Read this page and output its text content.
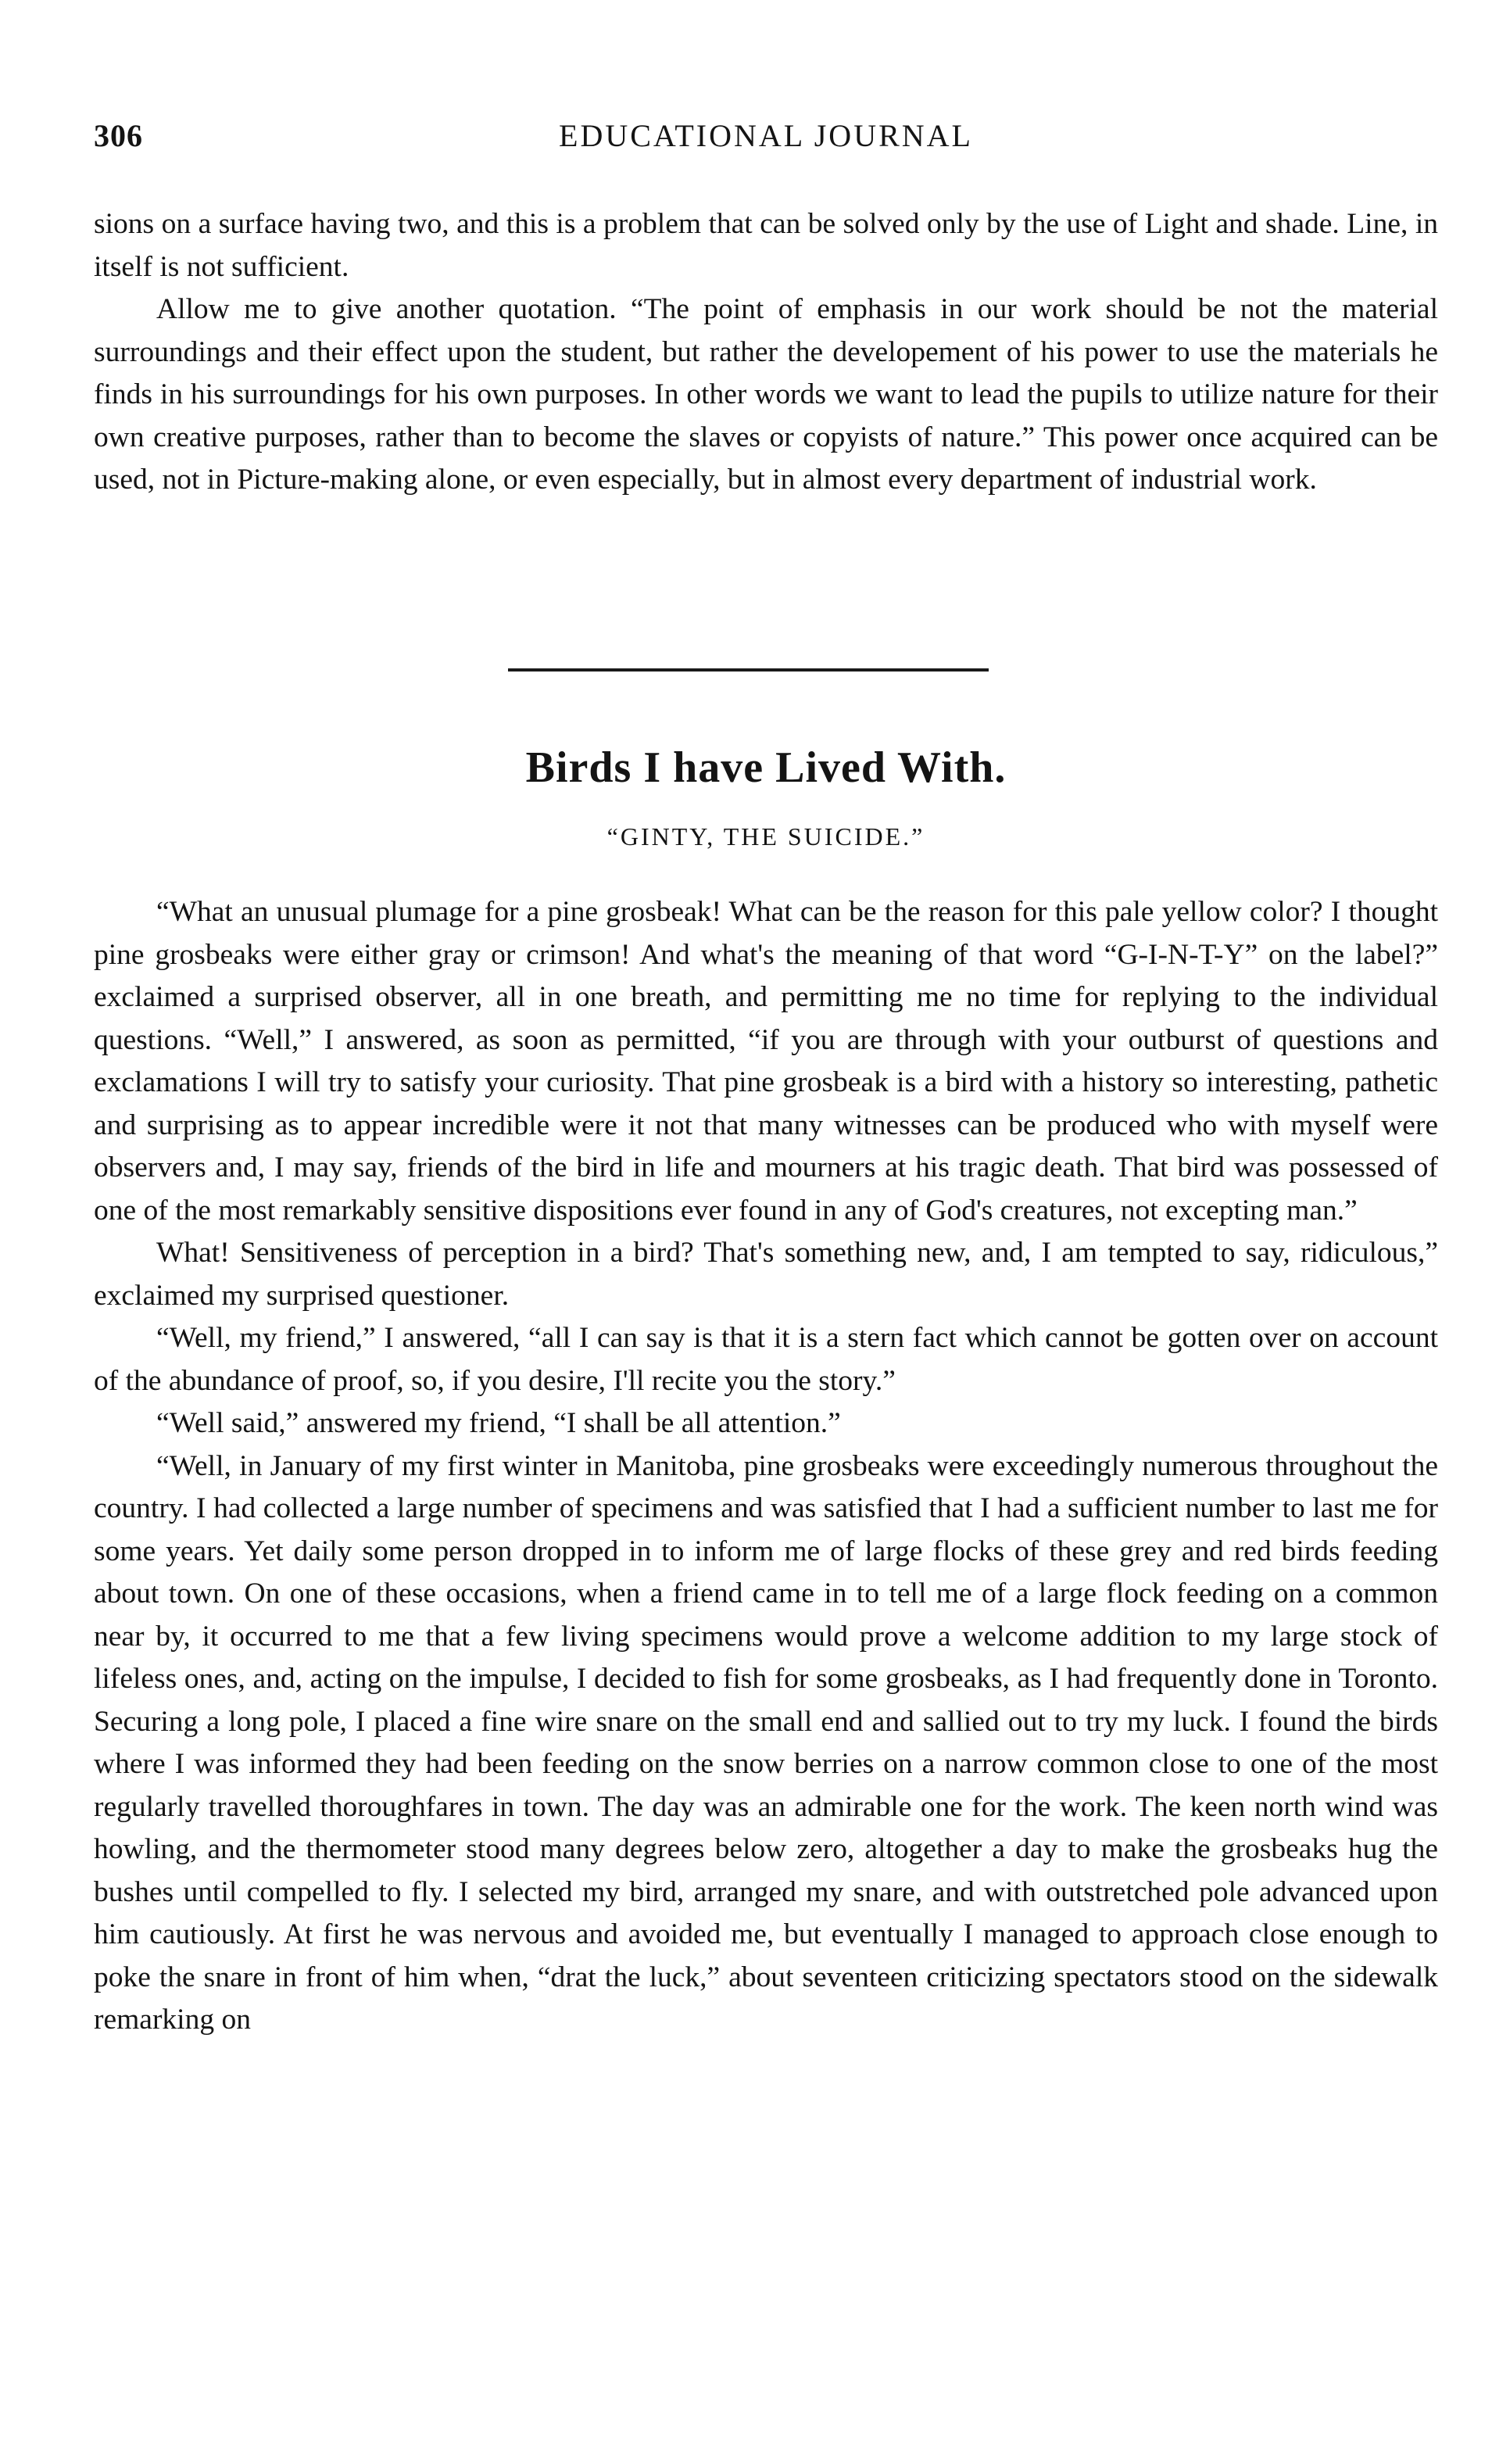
306	EDUCATIONAL JOURNAL

sions on a surface having two, and this is a problem that can be solved only by the use of Light and shade. Line, in itself is not sufficient.

Allow me to give another quotation. “The point of emphasis in our work should be not the material surroundings and their effect upon the student, but rather the developement of his power to use the materials he finds in his surroundings for his own purposes. In other words we want to lead the pupils to utilize nature for their own creative purposes, rather than to become the slaves or copyists of nature.” This power once acquired can be used, not in Picture-making alone, or even especially, but in almost every department of industrial work.

Birds I have Lived With.
“GINTY, THE SUICIDE.”

“What an unusual plumage for a pine grosbeak! What can be the reason for this pale yellow color? I thought pine grosbeaks were either gray or crimson! And what's the meaning of that word “G-I-N-T-Y” on the label?” exclaimed a surprised observer, all in one breath, and permitting me no time for replying to the individual questions. “Well,” I answered, as soon as permitted, “if you are through with your outburst of questions and exclamations I will try to satisfy your curiosity. That pine grosbeak is a bird with a history so interesting, pathetic and surprising as to appear incredible were it not that many witnesses can be produced who with myself were observers and, I may say, friends of the bird in life and mourners at his tragic death. That bird was possessed of one of the most remarkably sensitive dispositions ever found in any of God's creatures, not excepting man.”

What! Sensitiveness of perception in a bird? That's something new, and, I am tempted to say, ridiculous,” exclaimed my surprised questioner.

“Well, my friend,” I answered, “all I can say is that it is a stern fact which cannot be gotten over on account of the abundance of proof, so, if you desire, I'll recite you the story.”

“Well said,” answered my friend, “I shall be all attention.”

“Well, in January of my first winter in Manitoba, pine grosbeaks were exceedingly numerous throughout the country. I had collected a large number of specimens and was satisfied that I had a sufficient number to last me for some years. Yet daily some person dropped in to inform me of large flocks of these grey and red birds feeding about town. On one of these occasions, when a friend came in to tell me of a large flock feeding on a common near by, it occurred to me that a few living specimens would prove a welcome addition to my large stock of lifeless ones, and, acting on the impulse, I decided to fish for some grosbeaks, as I had frequently done in Toronto. Securing a long pole, I placed a fine wire snare on the small end and sallied out to try my luck. I found the birds where I was informed they had been feeding on the snow berries on a narrow common close to one of the most regularly travelled thoroughfares in town. The day was an admirable one for the work. The keen north wind was howling, and the thermometer stood many degrees below zero, altogether a day to make the grosbeaks hug the bushes until compelled to fly. I selected my bird, arranged my snare, and with outstretched pole advanced upon him cautiously. At first he was nervous and avoided me, but eventually I managed to approach close enough to poke the snare in front of him when, “drat the luck,” about seventeen criticizing spectators stood on the sidewalk remarking on
